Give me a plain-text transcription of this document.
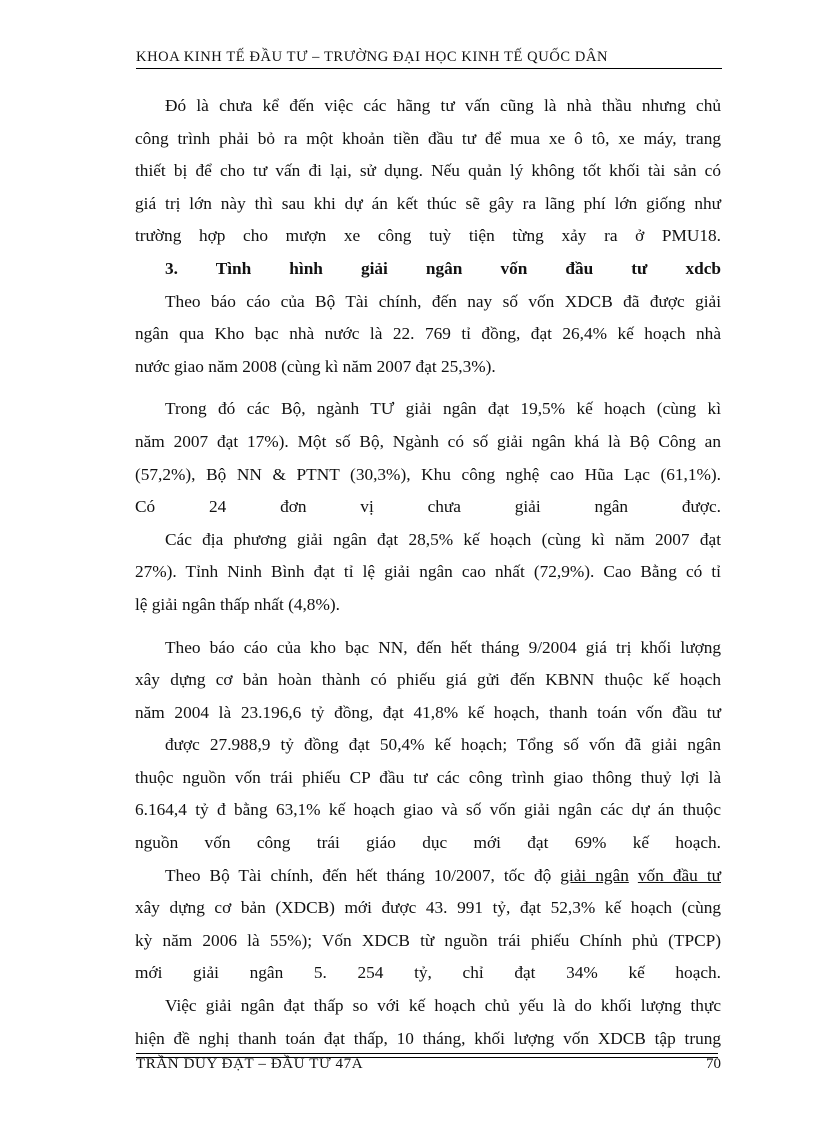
KHOA KINH TẾ ĐẦU TƯ – TRƯỜNG ĐẠI HỌC KINH TẾ QUỐC DÂN

Đó là chưa kể đến việc các hãng tư vấn cũng là nhà thầu nhưng chủ

công trình phải bỏ ra một khoản tiền đầu tư để mua xe ô tô, xe máy, trang

thiết bị để cho tư vấn đi lại, sử dụng. Nếu quản lý không tốt khối tài sản có

giá trị lớn này thì sau khi dự án kết thúc sẽ gây ra lãng phí lớn giống như

trường hợp cho mượn xe công tuỳ tiện từng xảy ra ở PMU18.

3. Tình hình giải ngân vốn đầu tư xdcb

Theo báo cáo của Bộ Tài chính, đến nay số vốn XDCB đã được giải

ngân qua Kho bạc nhà nước là 22. 769 tỉ đồng, đạt 26,4% kế hoạch nhà

nước giao năm 2008 (cùng kì năm 2007 đạt 25,3%).

Trong đó các Bộ, ngành TƯ giải ngân đạt 19,5% kế hoạch (cùng kì

năm 2007 đạt 17%). Một số Bộ, Ngành có số giải ngân khá là Bộ Công an

(57,2%), Bộ NN & PTNT (30,3%), Khu công nghệ cao Hũa Lạc (61,1%).

Có 24 đơn vị chưa giải ngân được.

Các địa phương giải ngân đạt 28,5% kế hoạch (cùng kì năm 2007 đạt

27%). Tỉnh Ninh Bình đạt tỉ lệ giải ngân cao nhất (72,9%). Cao Bằng có tỉ

lệ giải ngân thấp nhất (4,8%).

Theo báo cáo của kho bạc NN, đến hết tháng 9/2004 giá trị khối lượng

xây dựng cơ bản hoàn thành có phiếu giá gửi đến KBNN thuộc kế hoạch

năm 2004 là 23.196,6 tỷ đồng, đạt 41,8% kế hoạch, thanh toán vốn đầu tư

được 27.988,9 tỷ đồng đạt 50,4% kế hoạch; Tổng số vốn đã giải ngân

thuộc nguồn vốn trái phiếu CP đầu tư các công trình giao thông thuỷ lợi là

6.164,4 tỷ đ bằng 63,1% kế hoạch giao và số vốn giải ngân các dự án thuộc

nguồn vốn công trái giáo dục mới đạt 69% kế hoạch.

Theo Bộ Tài chính, đến hết tháng 10/2007, tốc độ giải ngân vốn đầu tư

xây dựng cơ bản (XDCB) mới được 43. 991 tỷ, đạt 52,3% kế hoạch (cùng

kỳ năm 2006 là 55%); Vốn XDCB từ nguồn trái phiếu Chính phủ (TPCP)

mới giải ngân 5. 254 tỷ, chỉ đạt 34% kế hoạch.

Việc giải ngân đạt thấp so với kế hoạch chủ yếu là do khối lượng thực

hiện đề nghị thanh toán đạt thấp, 10 tháng, khối lượng vốn XDCB tập trung

TRẦN DUY ĐẠT – ĐẦU TƯ 47A	70
